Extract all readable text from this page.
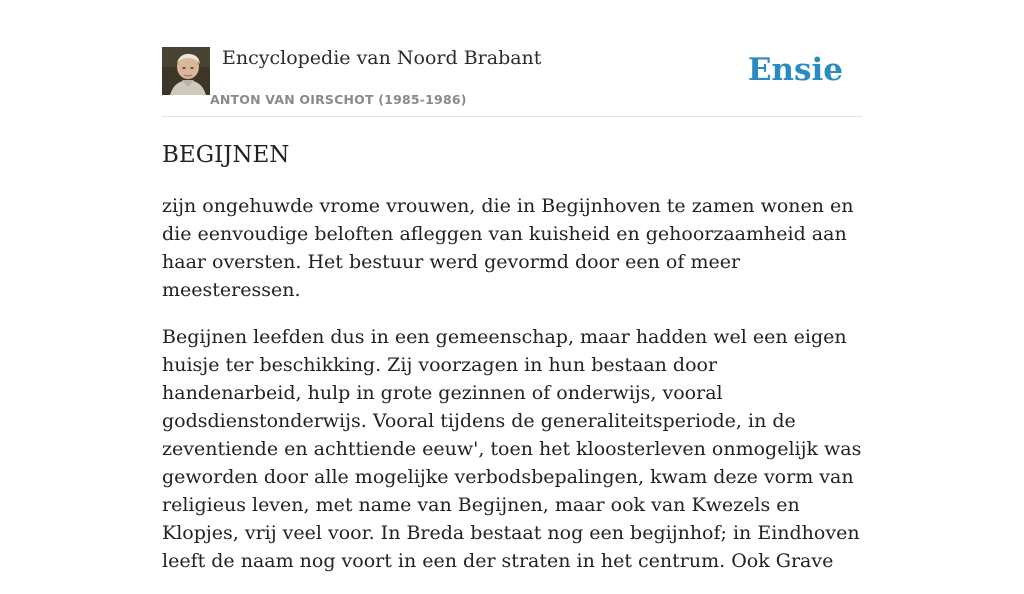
Encyclopedie van Noord Brabant
ANTON VAN OIRSCHOT (1985-1986)
Ensie
BEGIJNEN

zijn ongehuwde vrome vrouwen, die in Begijnhoven te zamen wonen en die eenvoudige beloften afleggen van kuisheid en gehoorzaamheid aan haar oversten. Het bestuur werd gevormd door een of meer meesteressen.

Begijnen leefden dus in een gemeenschap, maar hadden wel een eigen huisje ter beschikking. Zij voorzagen in hun bestaan door handenarbeid, hulp in grote gezinnen of onderwijs, vooral godsdienstonderwijs. Vooral tijdens de generaliteitsperiode, in de zeventiende en achttiende eeuw', toen het kloosterleven onmogelijk was geworden door alle mogelijke verbodsbepalingen, kwam deze vorm van religieus leven, met name van Begijnen, maar ook van Kwezels en Klopjes, vrij veel voor. In Breda bestaat nog een begijnhof; in Eindhoven leeft de naam nog voort in een der straten in het centrum. Ook Grave
